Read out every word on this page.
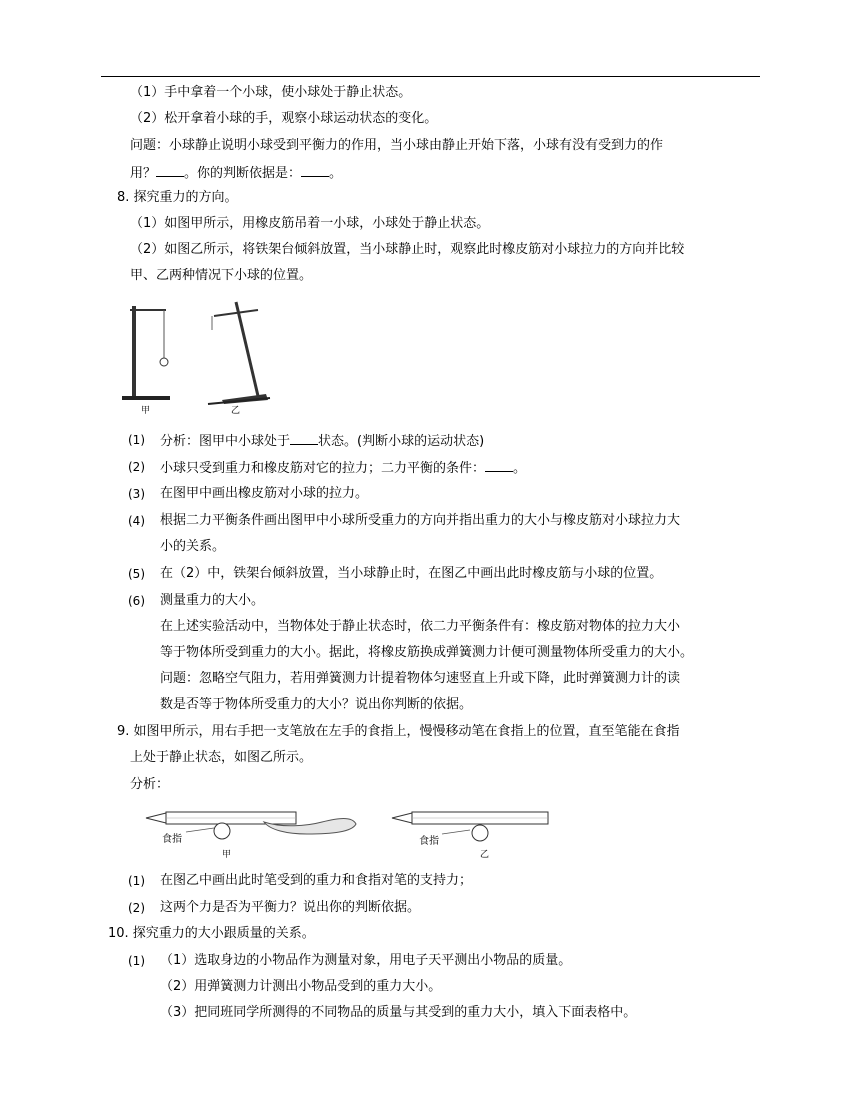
（1）手中拿着一个小球，使小球处于静止状态。
（2）松开拿着小球的手，观察小球运动状态的变化。
问题：小球静止说明小球受到平衡力的作用，当小球由静止开始下落，小球有没有受到力的作
用？ 。你的判断依据是： 。
8. 探究重力的方向。
（1）如图甲所示，用橡皮筋吊着一小球，小球处于静止状态。
（2）如图乙所示，将铁架台倾斜放置，当小球静止时，观察此时橡皮筋对小球拉力的方向并比较
甲、乙两种情况下小球的位置。
甲	乙
(1) 分析：图甲中小球处于 状态。(判断小球的运动状态)
(2) 小球只受到重力和橡皮筋对它的拉力；二力平衡的条件： 。
(3) 在图甲中画出橡皮筋对小球的拉力。
(4) 根据二力平衡条件画出图甲中小球所受重力的方向并指出重力的大小与橡皮筋对小球拉力大
小的关系。
(5) 在（2）中，铁架台倾斜放置，当小球静止时，在图乙中画出此时橡皮筋与小球的位置。
(6) 测量重力的大小。
在上述实验活动中，当物体处于静止状态时，依二力平衡条件有：橡皮筋对物体的拉力大小
等于物体所受到重力的大小。据此，将橡皮筋换成弹簧测力计便可测量物体所受重力的大小。
问题：忽略空气阻力，若用弹簧测力计提着物体匀速竖直上升或下降，此时弹簧测力计的读
数是否等于物体所受重力的大小？说出你判断的依据。
9. 如图甲所示，用右手把一支笔放在左手的食指上，慢慢移动笔在食指上的位置，直至笔能在食指
上处于静止状态，如图乙所示。
分析：
食指	食指
甲	乙
(1) 在图乙中画出此时笔受到的重力和食指对笔的支持力；
(2) 这两个力是否为平衡力？说出你的判断依据。
10. 探究重力的大小跟质量的关系。
(1) （1）选取身边的小物品作为测量对象，用电子天平测出小物品的质量。
（2）用弹簧测力计测出小物品受到的重力大小。
（3）把同班同学所测得的不同物品的质量与其受到的重力大小，填入下面表格中。
